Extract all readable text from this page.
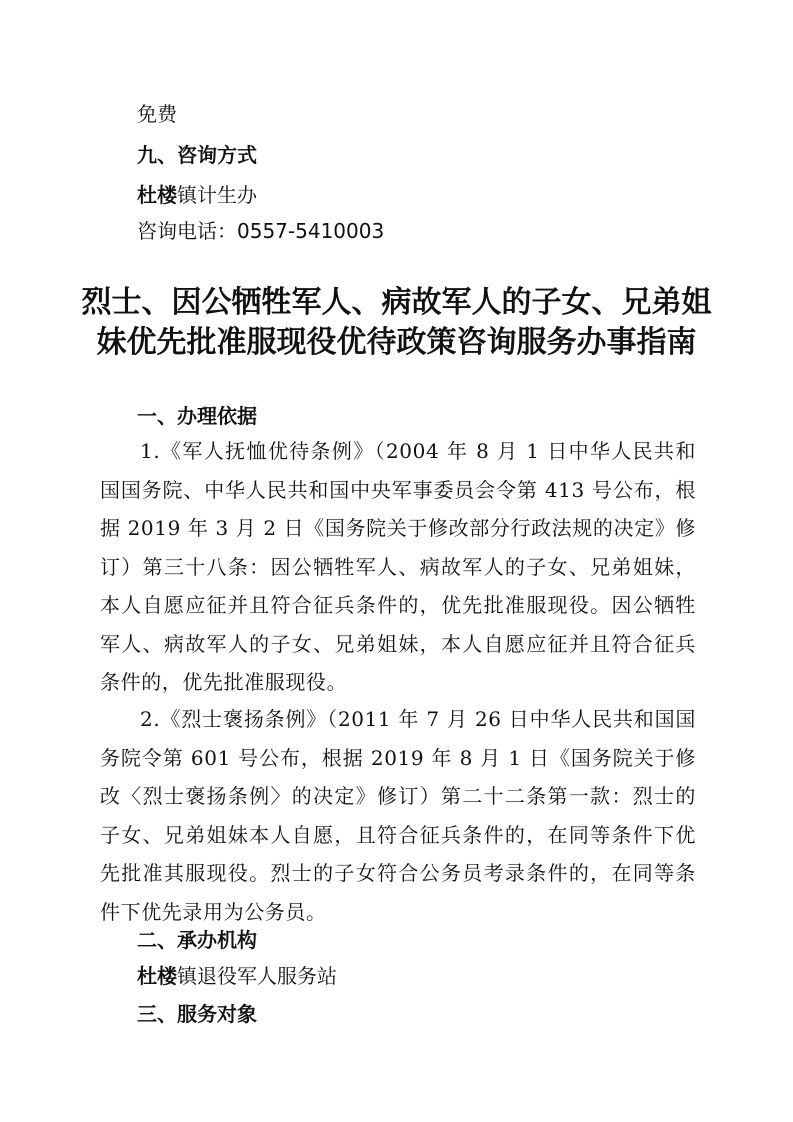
免费
九、咨询方式
杜楼镇计生办
咨询电话：0557-5410003
烈士、因公牺牲军人、病故军人的子女、兄弟姐
妹优先批准服现役优待政策咨询服务办事指南
一、办理依据

1.《军人抚恤优待条例》（2004 年 8 月 1 日中华人民共和国国务院、中华人民共和国中央军事委员会令第 413 号公布，根据 2019 年 3 月 2 日《国务院关于修改部分行政法规的决定》修订）第三十八条：因公牺牲军人、病故军人的子女、兄弟姐妹，本人自愿应征并且符合征兵条件的，优先批准服现役。因公牺牲军人、病故军人的子女、兄弟姐妹，本人自愿应征并且符合征兵条件的，优先批准服现役。

2.《烈士褒扬条例》（2011 年 7 月 26 日中华人民共和国国务院令第 601 号公布，根据 2019 年 8 月 1 日《国务院关于修改〈烈士褒扬条例〉的决定》修订）第二十二条第一款：烈士的子女、兄弟姐妹本人自愿，且符合征兵条件的，在同等条件下优先批准其服现役。烈士的子女符合公务员考录条件的，在同等条件下优先录用为公务员。

二、承办机构
杜楼镇退役军人服务站
三、服务对象
